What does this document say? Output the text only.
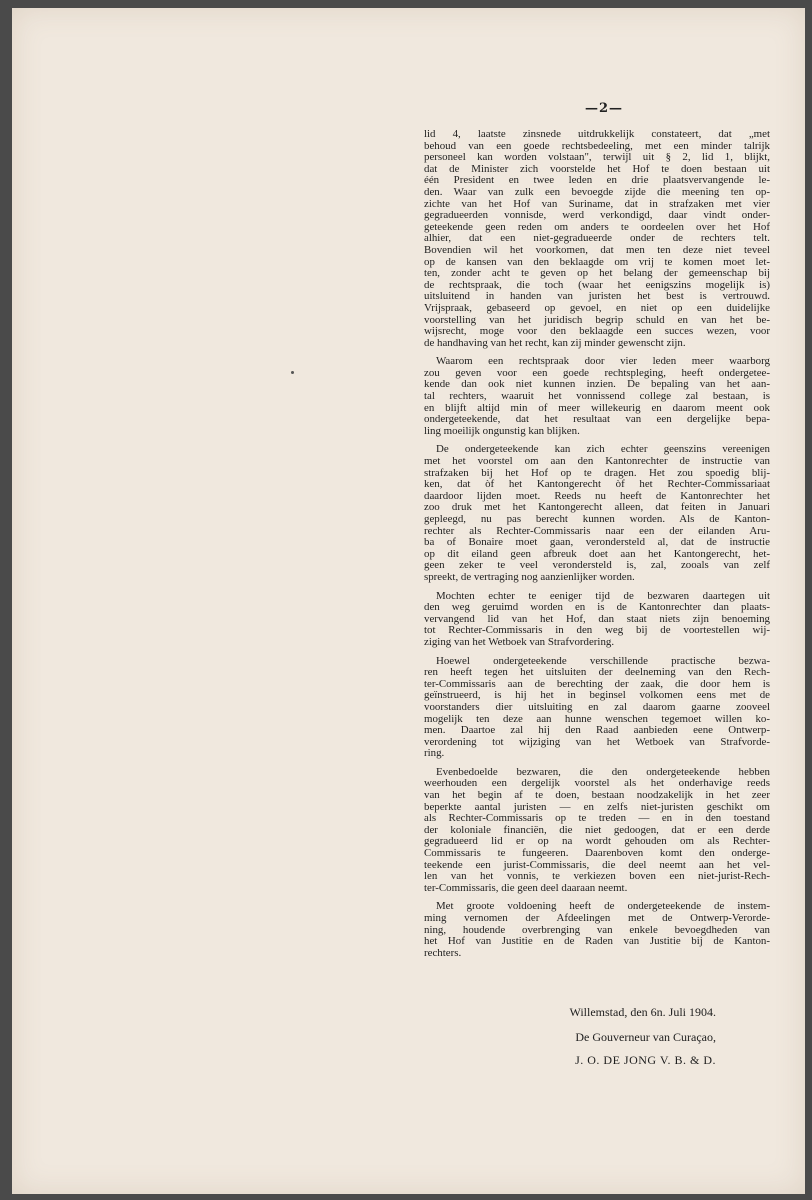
—2—
lid 4, laatste zinsnede uitdrukkelijk constateert, dat „met
behoud van een goede rechtsbedeeling, met een minder talrijk
personeel kan worden volstaan", terwijl uit § 2, lid 1, blijkt,
dat de Minister zich voorstelde het Hof te doen bestaan uit
één President en twee leden en drie plaatsvervangende le-
den. Waar van zulk een bevoegde zijde die meening ten op-
zichte van het Hof van Suriname, dat in strafzaken met vier
gegradueerden vonnisde, werd verkondigd, daar vindt onder-
geteekende geen reden om anders te oordeelen over het Hof
alhier, dat een niet-gegradueerde onder de rechters telt.
Bovendien wil het voorkomen, dat men ten deze niet teveel
op de kansen van den beklaagde om vrij te komen moet let-
ten, zonder acht te geven op het belang der gemeenschap bij
de rechtspraak, die toch (waar het eenigszins mogelijk is)
uitsluitend in handen van juristen het best is vertrouwd.
Vrijspraak, gebaseerd op gevoel, en niet op een duidelijke
voorstelling van het juridisch begrip schuld en van het be-
wijsrecht, moge voor den beklaagde een succes wezen, voor
de handhaving van het recht, kan zij minder gewenscht zijn.
Waarom een rechtspraak door vier leden meer waarborg
zou geven voor een goede rechtspleging, heeft ondergetee-
kende dan ook niet kunnen inzien. De bepaling van het aan-
tal rechters, waaruit het vonnissend college zal bestaan, is
en blijft altijd min of meer willekeurig en daarom meent ook
ondergeteekende, dat het resultaat van een dergelijke bepa-
ling moeilijk ongunstig kan blijken.
De ondergeteekende kan zich echter geenszins vereenigen
met het voorstel om aan den Kantonrechter de instructie van
strafzaken bij het Hof op te dragen. Het zou spoedig blij-
ken, dat òf het Kantongerecht òf het Rechter-Commissariaat
daardoor lijden moet. Reeds nu heeft de Kantonrechter het
zoo druk met het Kantongerecht alleen, dat feiten in Januari
gepleegd, nu pas berecht kunnen worden. Als de Kanton-
rechter als Rechter-Commissaris naar een der eilanden Aru-
ba of Bonaire moet gaan, verondersteld al, dat de instructie
op dit eiland geen afbreuk doet aan het Kantongerecht, het-
geen zeker te veel verondersteld is, zal, zooals van zelf
spreekt, de vertraging nog aanzienlijker worden.
Mochten echter te eeniger tijd de bezwaren daartegen uit
den weg geruimd worden en is de Kantonrechter dan plaats-
vervangend lid van het Hof, dan staat niets zijn benoeming
tot Rechter-Commissaris in den weg bij de voortestellen wij-
ziging van het Wetboek van Strafvordering.
Hoewel ondergeteekende verschillende practische bezwa-
ren heeft tegen het uitsluiten der deelneming van den Rech-
ter-Commissaris aan de berechting der zaak, die door hem is
geïnstrueerd, is hij het in beginsel volkomen eens met de
voorstanders dier uitsluiting en zal daarom gaarne zooveel
mogelijk ten deze aan hunne wenschen tegemoet willen ko-
men. Daartoe zal hij den Raad aanbieden eene Ontwerp-
verordening tot wijziging van het Wetboek van Strafvorde-
ring.
Evenbedoelde bezwaren, die den ondergeteekende hebben
weerhouden een dergelijk voorstel als het onderhavige reeds
van het begin af te doen, bestaan noodzakelijk in het zeer
beperkte aantal juristen — en zelfs niet-juristen geschikt om
als Rechter-Commissaris op te treden — en in den toestand
der koloniale financiën, die niet gedoogen, dat er een derde
gegradueerd lid er op na wordt gehouden om als Rechter-
Commissaris te fungeeren. Daarenboven komt den onderge-
teekende een jurist-Commissaris, die deel neemt aan het vel-
len van het vonnis, te verkiezen boven een niet-jurist-Rech-
ter-Commissaris, die geen deel daaraan neemt.
Met groote voldoening heeft de ondergeteekende de instem-
ming vernomen der Afdeelingen met de Ontwerp-Verorde-
ning, houdende overbrenging van enkele bevoegdheden van
het Hof van Justitie en de Raden van Justitie bij de Kanton-
rechters.
Willemstad, den 6n. Juli 1904.
De Gouverneur van Curaçao,
J. O. DE JONG V. B. & D.
